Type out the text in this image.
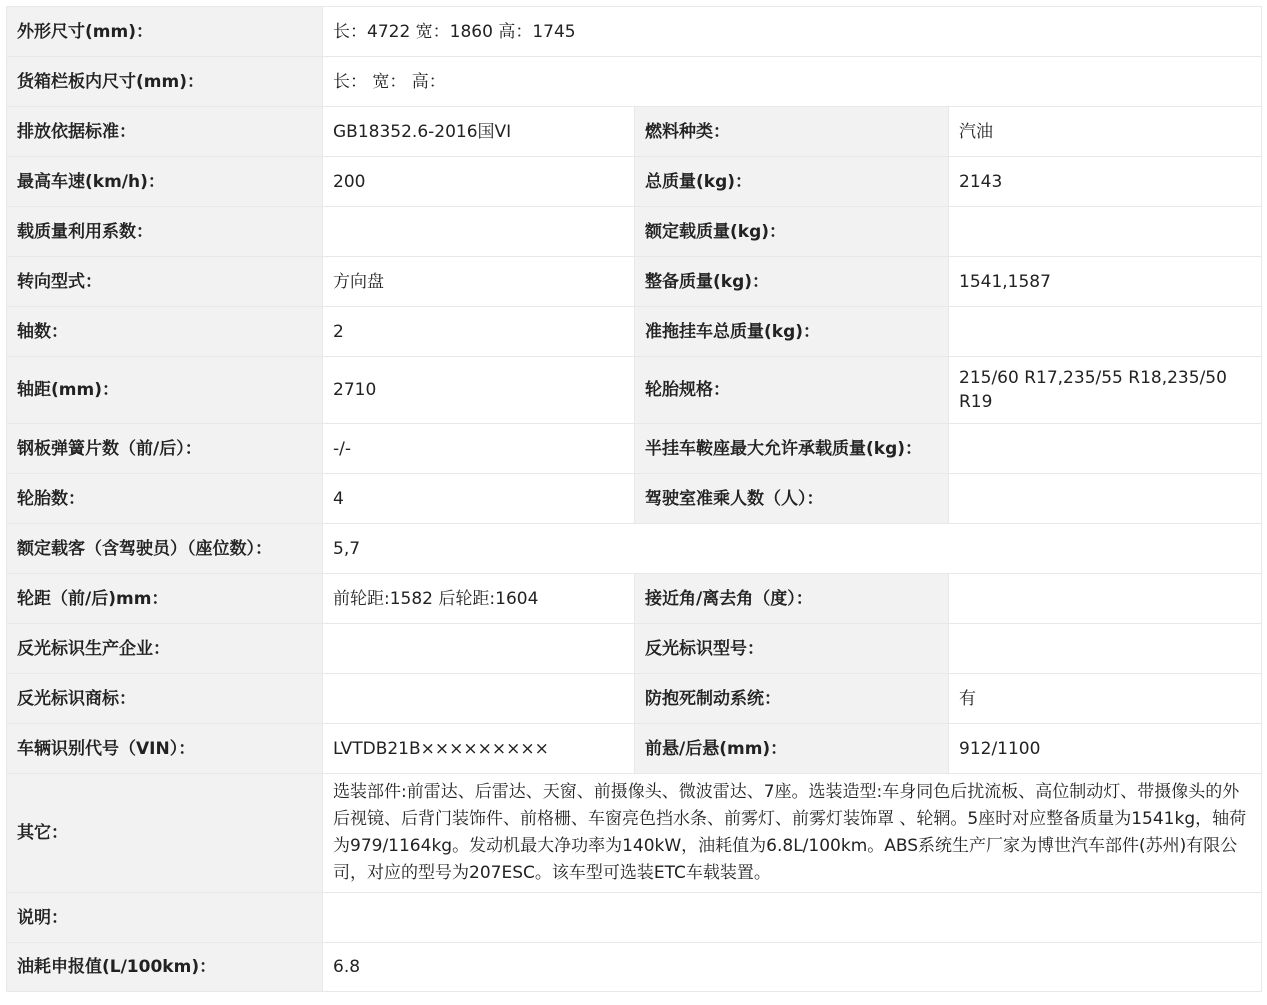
外形尺寸(mm)：	长：4722 宽：1860 高：1745		
货箱栏板内尺寸(mm)：	长： 宽： 高：		
排放依据标准：	GB18352.6-2016国VI	燃料种类：	汽油
最高车速(km/h)：	200	总质量(kg)：	2143
载质量利用系数：		额定载质量(kg)：	
转向型式：	方向盘	整备质量(kg)：	1541,1587
轴数：	2	准拖挂车总质量(kg)：	
轴距(mm)：	2710	轮胎规格：	215/60 R17,235/55 R18,235/50 R19
钢板弹簧片数（前/后）：	-/-	半挂车鞍座最大允许承载质量(kg)：	
轮胎数：	4	驾驶室准乘人数（人）：	
额定载客（含驾驶员）（座位数）：	5,7		
轮距（前/后)mm：	前轮距:1582 后轮距:1604	接近角/离去角（度）：	
反光标识生产企业：		反光标识型号：	
反光标识商标：		防抱死制动系统：	有
车辆识别代号（VIN）：	LVTDB21B×××××××××	前悬/后悬(mm)：	912/1100
其它：	选装部件:前雷达、后雷达、天窗、前摄像头、微波雷达、7座。选装造型:车身同色后扰流板、高位制动灯、带摄像头的外后视镜、后背门装饰件、前格栅、车窗亮色挡水条、前雾灯、前雾灯装饰罩 、轮辋。5座时对应整备质量为1541kg，轴荷为979/1164kg。发动机最大净功率为140kW，油耗值为6.8L/100km。ABS系统生产厂家为博世汽车部件(苏州)有限公司，对应的型号为207ESC。该车型可选装ETC车载装置。		
说明：			
油耗申报值(L/100km)：	6.8		
